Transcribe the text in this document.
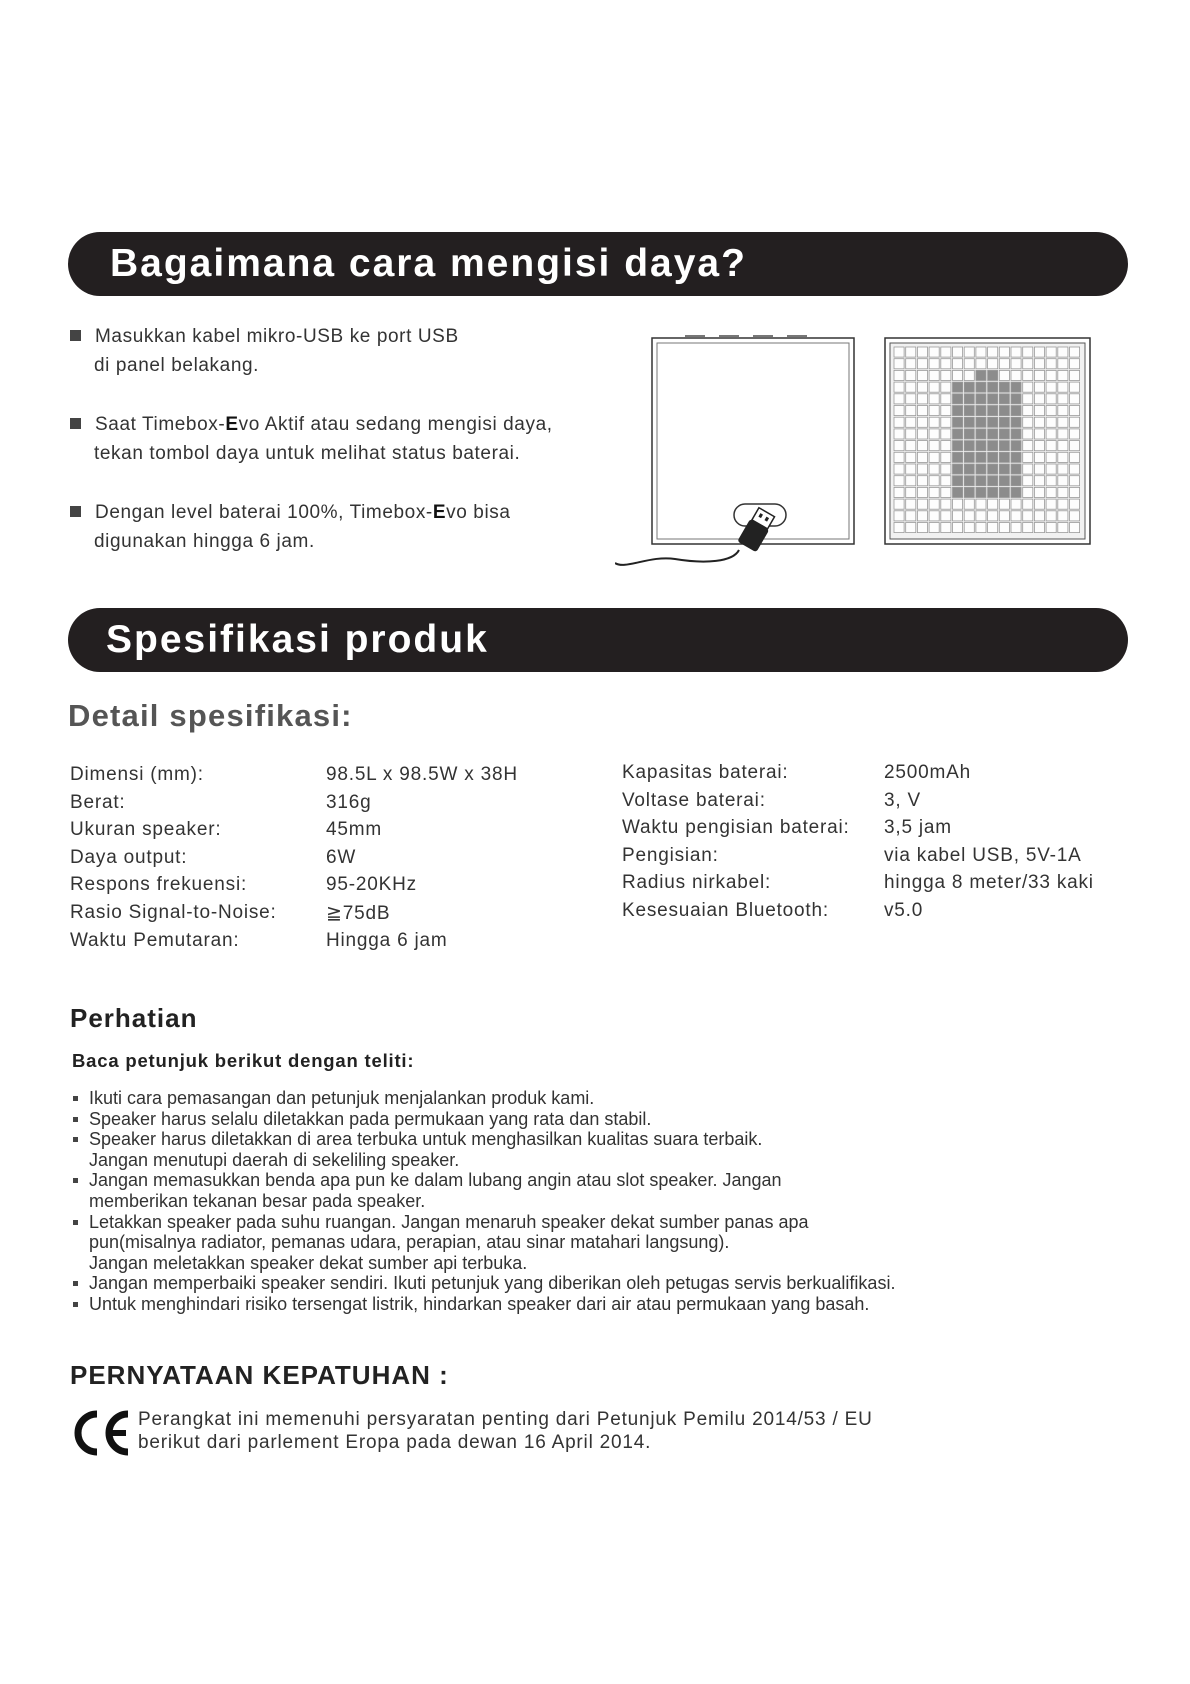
Bagaimana cara mengisi daya?
Masukkan kabel mikro-USB ke port USB
di panel belakang.
Saat Timebox-Evo Aktif atau sedang mengisi daya,
tekan tombol daya untuk melihat status baterai.
Dengan level baterai 100%, Timebox-Evo bisa
digunakan hingga 6 jam.
Spesifikasi produk
Detail spesifikasi:
Dimensi (mm):	98.5L x 98.5W x 38H
Berat:	316g
Ukuran speaker:	45mm
Daya output:	6W
Respons frekuensi:	95-20KHz
Rasio Signal-to-Noise:	≧75dB
Waktu Pemutaran:	Hingga 6 jam
Kapasitas baterai:	2500mAh
Voltase baterai:	3, V
Waktu pengisian baterai: 3,5 jam
Pengisian:	via kabel USB, 5V-1A
Radius nirkabel:	hingga 8 meter/33 kaki
Kesesuaian Bluetooth:	v5.0
Perhatian
Baca petunjuk berikut dengan teliti:
Ikuti cara pemasangan dan petunjuk menjalankan produk kami.
Speaker harus selalu diletakkan pada permukaan yang rata dan stabil.
Speaker harus diletakkan di area terbuka untuk menghasilkan kualitas suara terbaik.
Jangan menutupi daerah di sekeliling speaker.
Jangan memasukkan benda apa pun ke dalam lubang angin atau slot speaker. Jangan
memberikan tekanan besar pada speaker.
Letakkan speaker pada suhu ruangan. Jangan menaruh speaker dekat sumber panas apa
pun(misalnya radiator, pemanas udara, perapian, atau sinar matahari langsung).
Jangan meletakkan speaker dekat sumber api terbuka.
Jangan memperbaiki speaker sendiri. Ikuti petunjuk yang diberikan oleh petugas servis berkualifikasi.
Untuk menghindari risiko tersengat listrik, hindarkan speaker dari air atau permukaan yang basah.
PERNYATAAN KEPATUHAN :
Perangkat ini memenuhi persyaratan penting dari Petunjuk Pemilu 2014/53 / EU
berikut dari parlement Eropa pada dewan 16 April 2014.
